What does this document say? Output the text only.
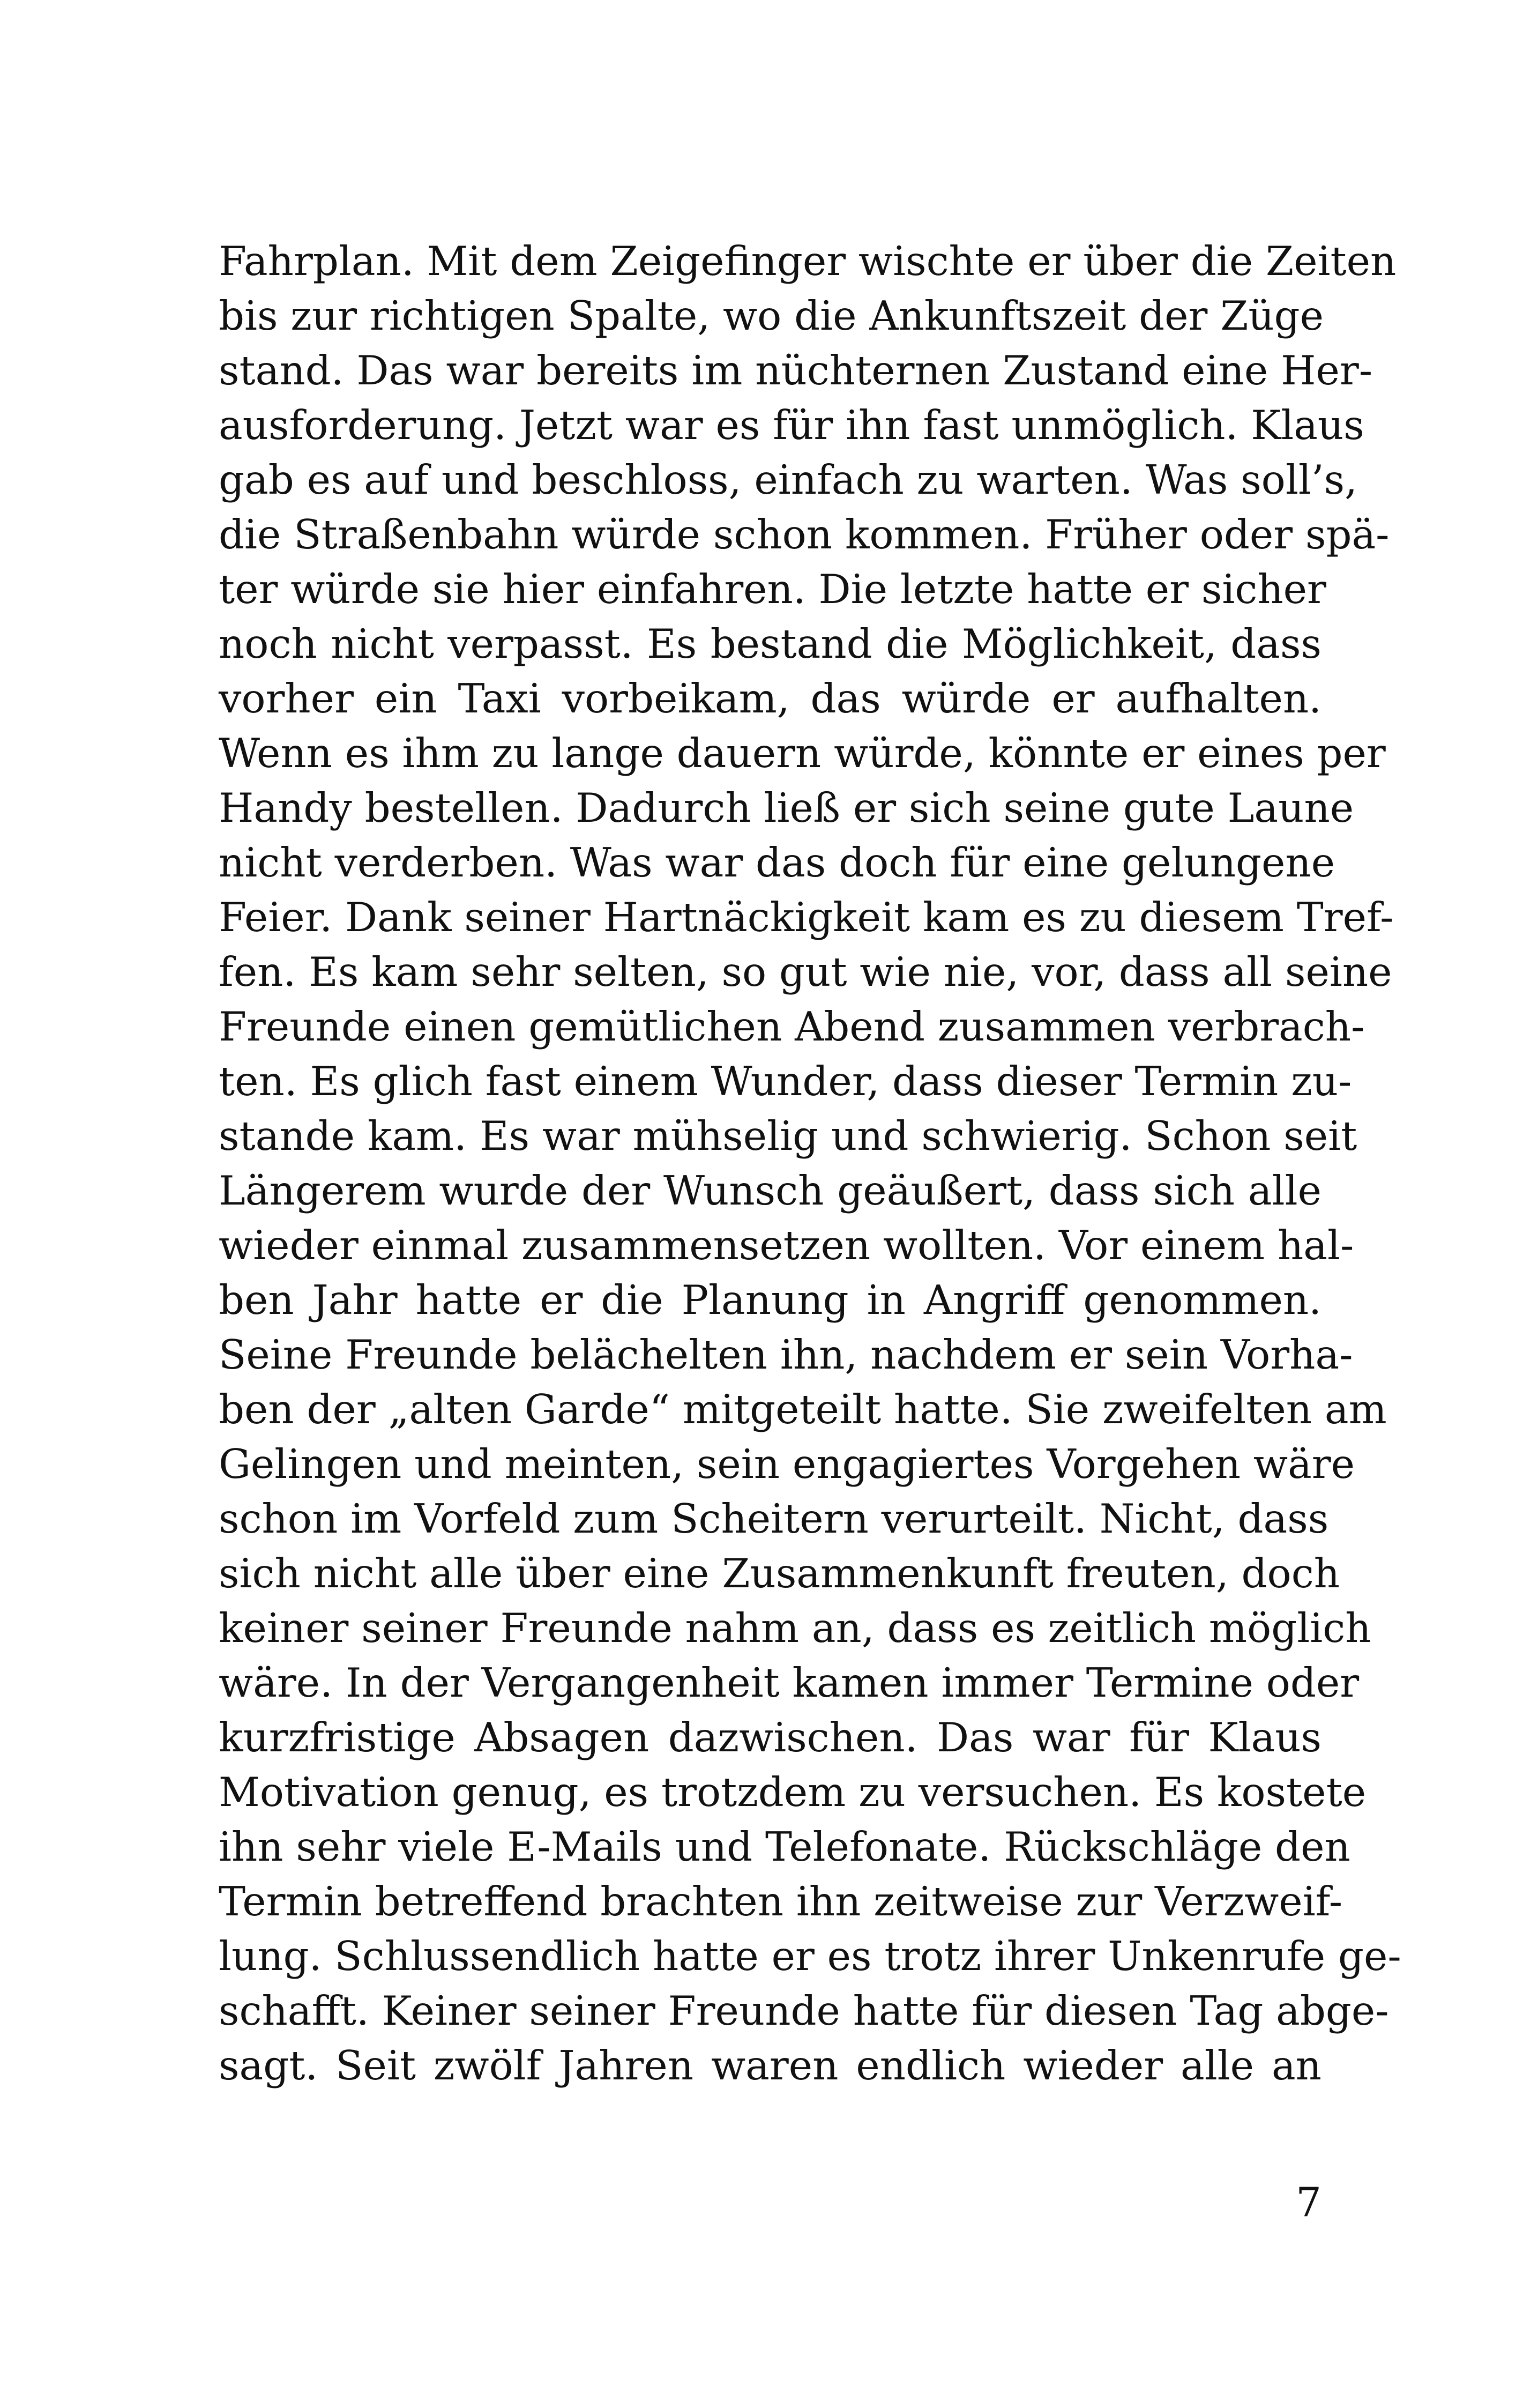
Fahrplan. Mit dem Zeigefinger wischte er über die Zeiten
bis zur richtigen Spalte, wo die Ankunftszeit der Züge
stand. Das war bereits im nüchternen Zustand eine Her-
ausforderung. Jetzt war es für ihn fast unmöglich. Klaus
gab es auf und beschloss, einfach zu warten. Was soll’s,
die Straßenbahn würde schon kommen. Früher oder spä-
ter würde sie hier einfahren. Die letzte hatte er sicher
noch nicht verpasst. Es bestand die Möglichkeit, dass
vorher ein Taxi vorbeikam, das würde er aufhalten.
Wenn es ihm zu lange dauern würde, könnte er eines per
Handy bestellen. Dadurch ließ er sich seine gute Laune
nicht verderben. Was war das doch für eine gelungene
Feier. Dank seiner Hartnäckigkeit kam es zu diesem Tref-
fen. Es kam sehr selten, so gut wie nie, vor, dass all seine
Freunde einen gemütlichen Abend zusammen verbrach-
ten. Es glich fast einem Wunder, dass dieser Termin zu-
stande kam. Es war mühselig und schwierig. Schon seit
Längerem wurde der Wunsch geäußert, dass sich alle
wieder einmal zusammensetzen wollten. Vor einem hal-
ben Jahr hatte er die Planung in Angriff genommen.
Seine Freunde belächelten ihn, nachdem er sein Vorha-
ben der „alten Garde“ mitgeteilt hatte. Sie zweifelten am
Gelingen und meinten, sein engagiertes Vorgehen wäre
schon im Vorfeld zum Scheitern verurteilt. Nicht, dass
sich nicht alle über eine Zusammenkunft freuten, doch
keiner seiner Freunde nahm an, dass es zeitlich möglich
wäre. In der Vergangenheit kamen immer Termine oder
kurzfristige Absagen dazwischen. Das war für Klaus
Motivation genug, es trotzdem zu versuchen. Es kostete
ihn sehr viele E-Mails und Telefonate. Rückschläge den
Termin betreffend brachten ihn zeitweise zur Verzweif-
lung. Schlussendlich hatte er es trotz ihrer Unkenrufe ge-
schafft. Keiner seiner Freunde hatte für diesen Tag abge-
sagt. Seit zwölf Jahren waren endlich wieder alle an
7
